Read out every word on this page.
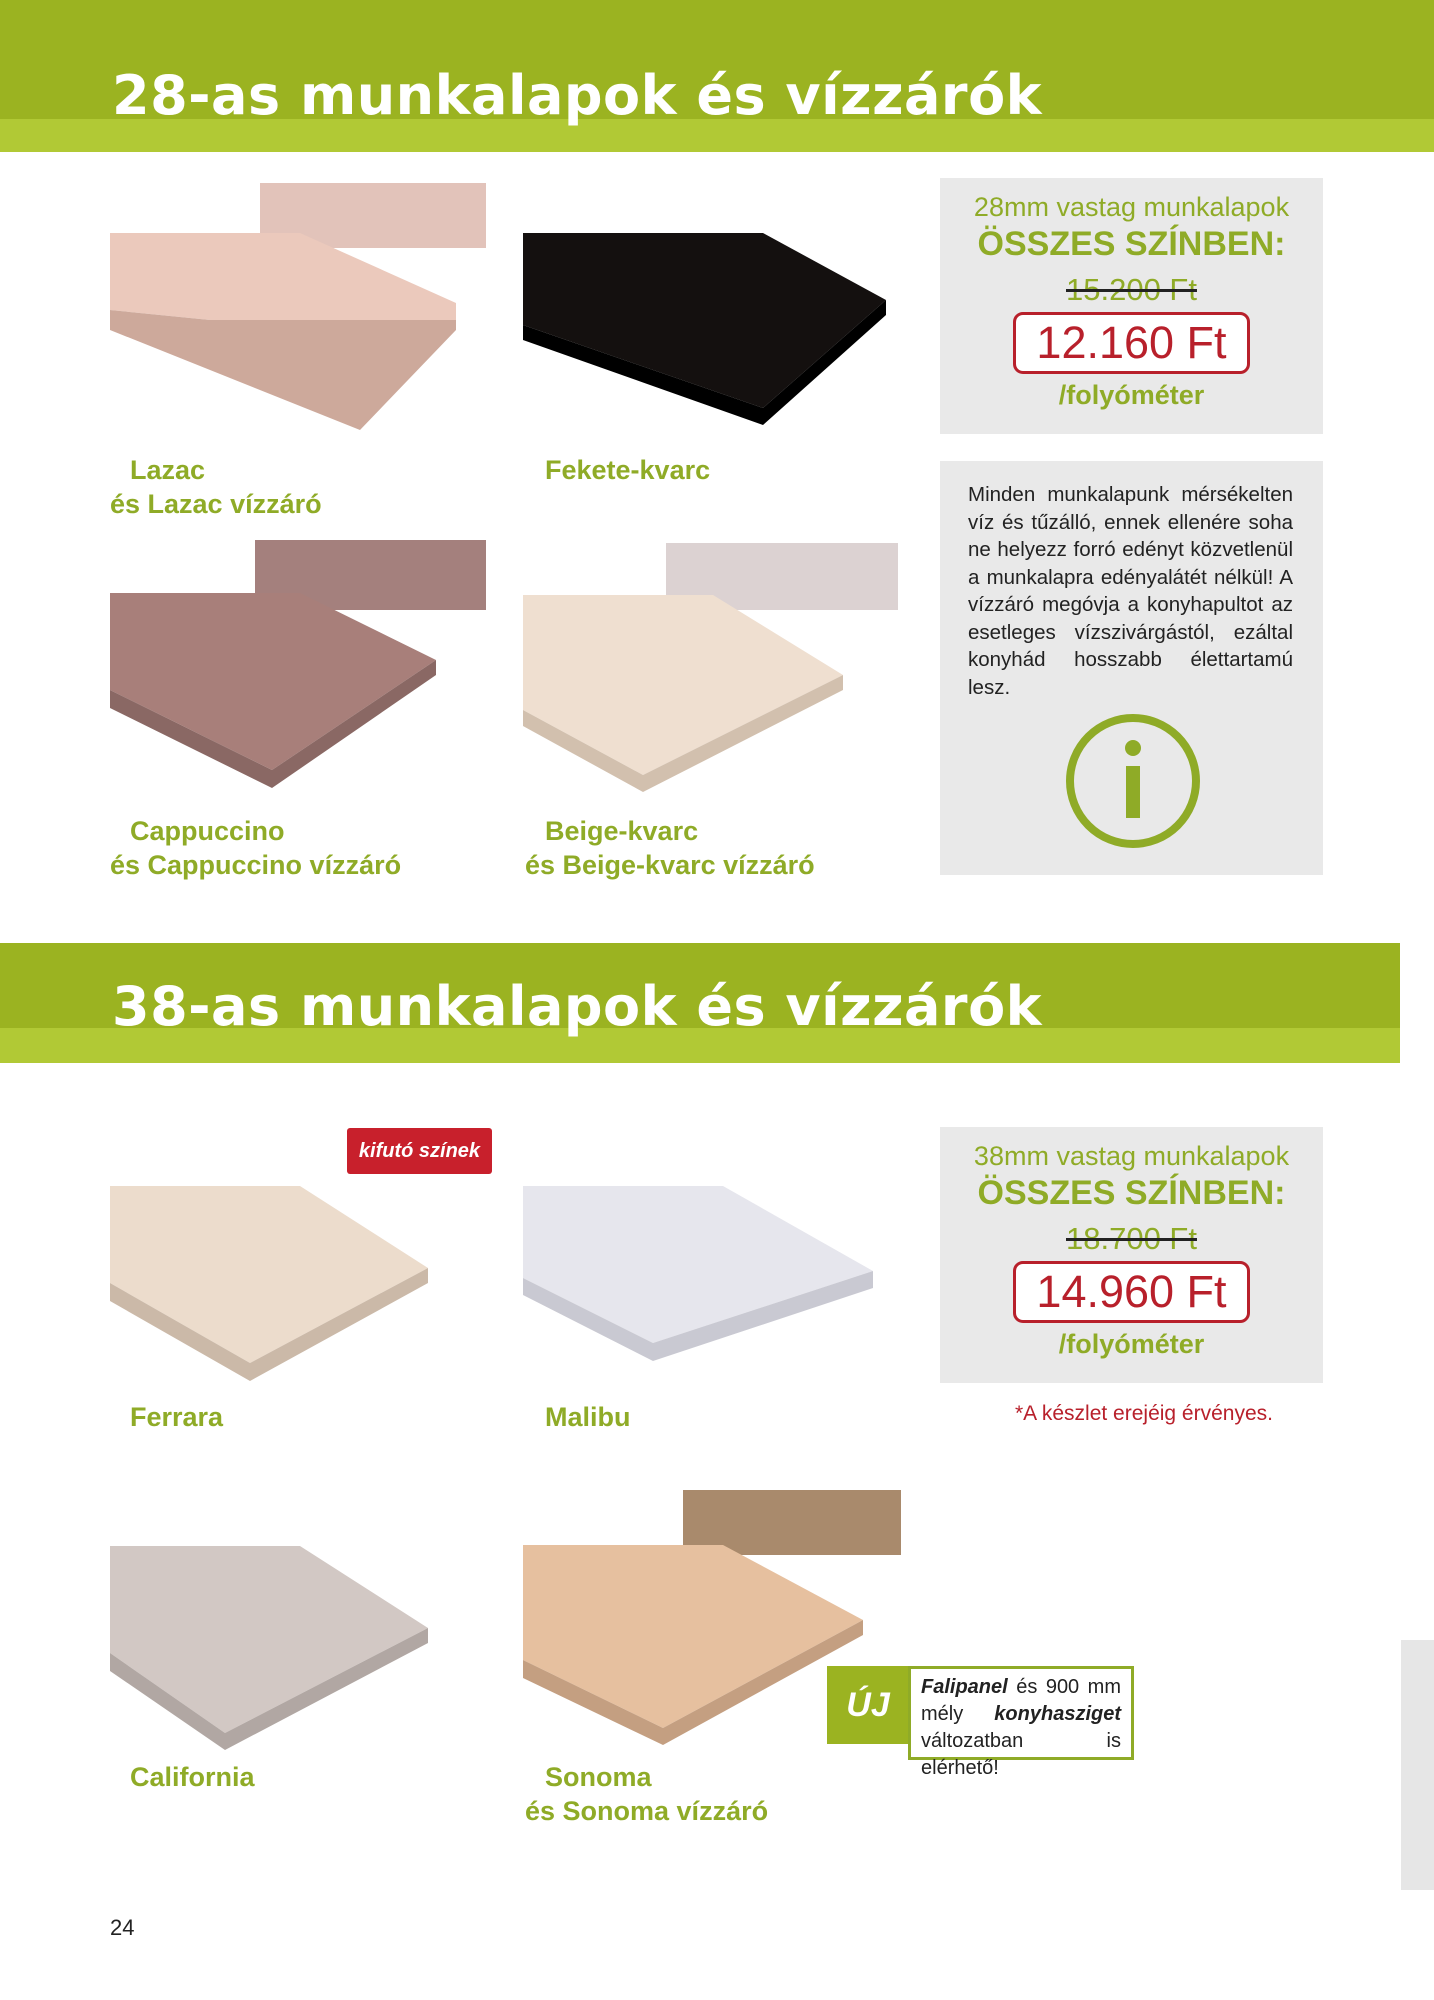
28-as munkalapok és vízzárók
Lazac
és Lazac vízzáró
Fekete-kvarc
Cappuccino
és Cappuccino vízzáró
Beige-kvarc
és Beige-kvarc vízzáró
28mm vastag munkalapok
ÖSSZES SZÍNBEN:
15.200 Ft
12.160 Ft
/folyóméter
Minden munkalapunk mérsékelten víz és tűzálló, ennek ellenére soha ne helyezz forró edényt közvetlenül a munkalapra edényalátét nélkül! A vízzáró megóvja a konyhapultot az esetleges vízszivárgástól, ezáltal konyhád hosszabb élettartamú lesz.
38-as munkalapok és vízzárók
kifutó színek
Ferrara	Malibu
California	Sonoma
és Sonoma vízzáró
38mm vastag munkalapok
ÖSSZES SZÍNBEN:
18.700 Ft
14.960 Ft
/folyóméter
*A készlet erejéig érvényes.
ÚJ	Falipanel és 900 mm mély konyhasziget változatban is elérhető!
24
